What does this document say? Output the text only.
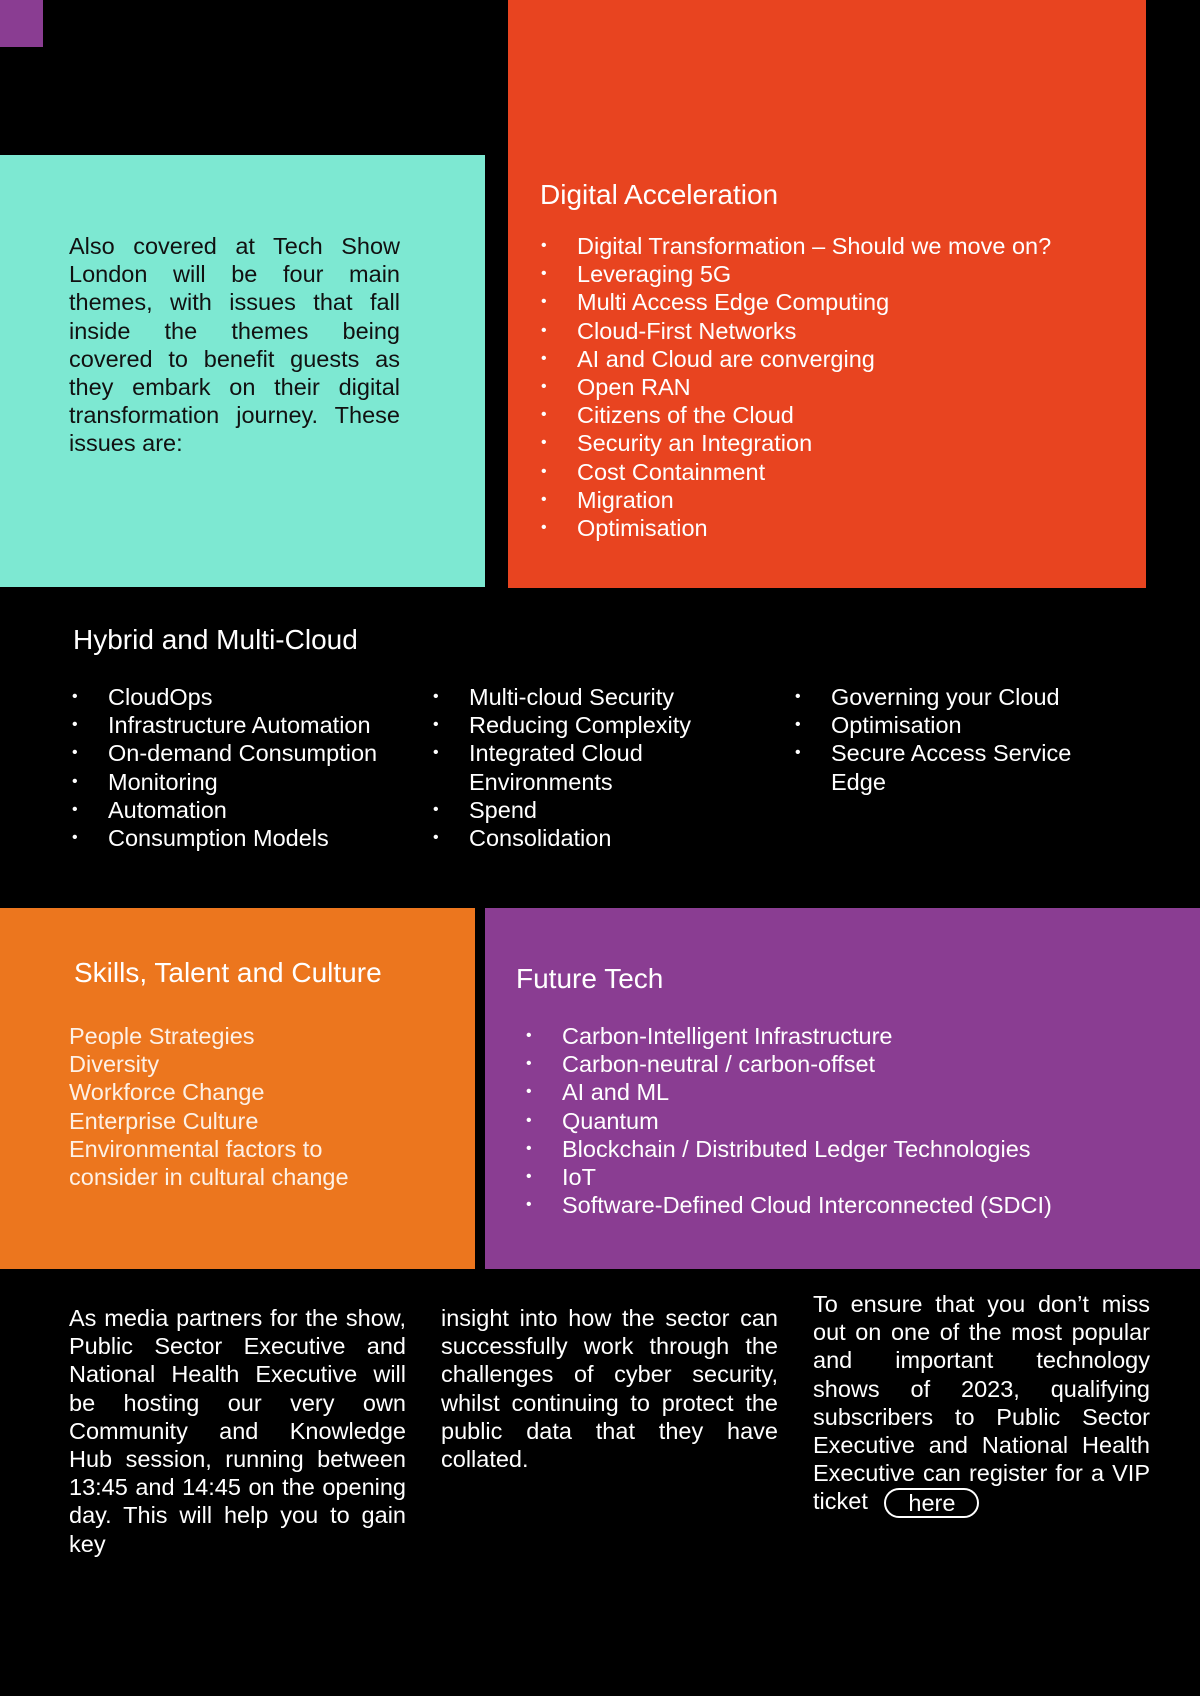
Also covered at Tech Show London will be four main themes, with issues that fall inside the themes being covered to benefit guests as they embark on their digital transformation journey. These issues are:

Digital Acceleration
• Digital Transformation – Should we move on?
• Leveraging 5G
• Multi Access Edge Computing
• Cloud-First Networks
• AI and Cloud are converging
• Open RAN
• Citizens of the Cloud
• Security an Integration
• Cost Containment
• Migration
• Optimisation
Hybrid and Multi-Cloud
• CloudOps
• Infrastructure Automation
• On-demand Consumption
• Monitoring
• Automation
• Consumption Models
• Multi-cloud Security
• Reducing Complexity
• Integrated Cloud Environments
• Spend
• Consolidation
• Governing your Cloud
• Optimisation
• Secure Access Service Edge
Skills, Talent and Culture
People Strategies
Diversity
Workforce Change
Enterprise Culture
Environmental factors to
consider in cultural change
Future Tech
• Carbon-Intelligent Infrastructure
• Carbon-neutral / carbon-offset
• AI and ML
• Quantum
• Blockchain / Distributed Ledger Technologies
• IoT
• Software-Defined Cloud Interconnected (SDCI)

As media partners for the show, Public Sector Executive and National Health Executive will be hosting our very own Community and Knowledge Hub session, running between 13:45 and 14:45 on the opening day. This will help you to gain key

insight into how the sector can successfully work through the challenges of cyber security, whilst continuing to protect the public data that they have collated.

To ensure that you don’t miss out on one of the most popular and important technology shows of 2023, qualifying subscribers to Public Sector Executive and National Health Executive can register for a VIP ticket here
